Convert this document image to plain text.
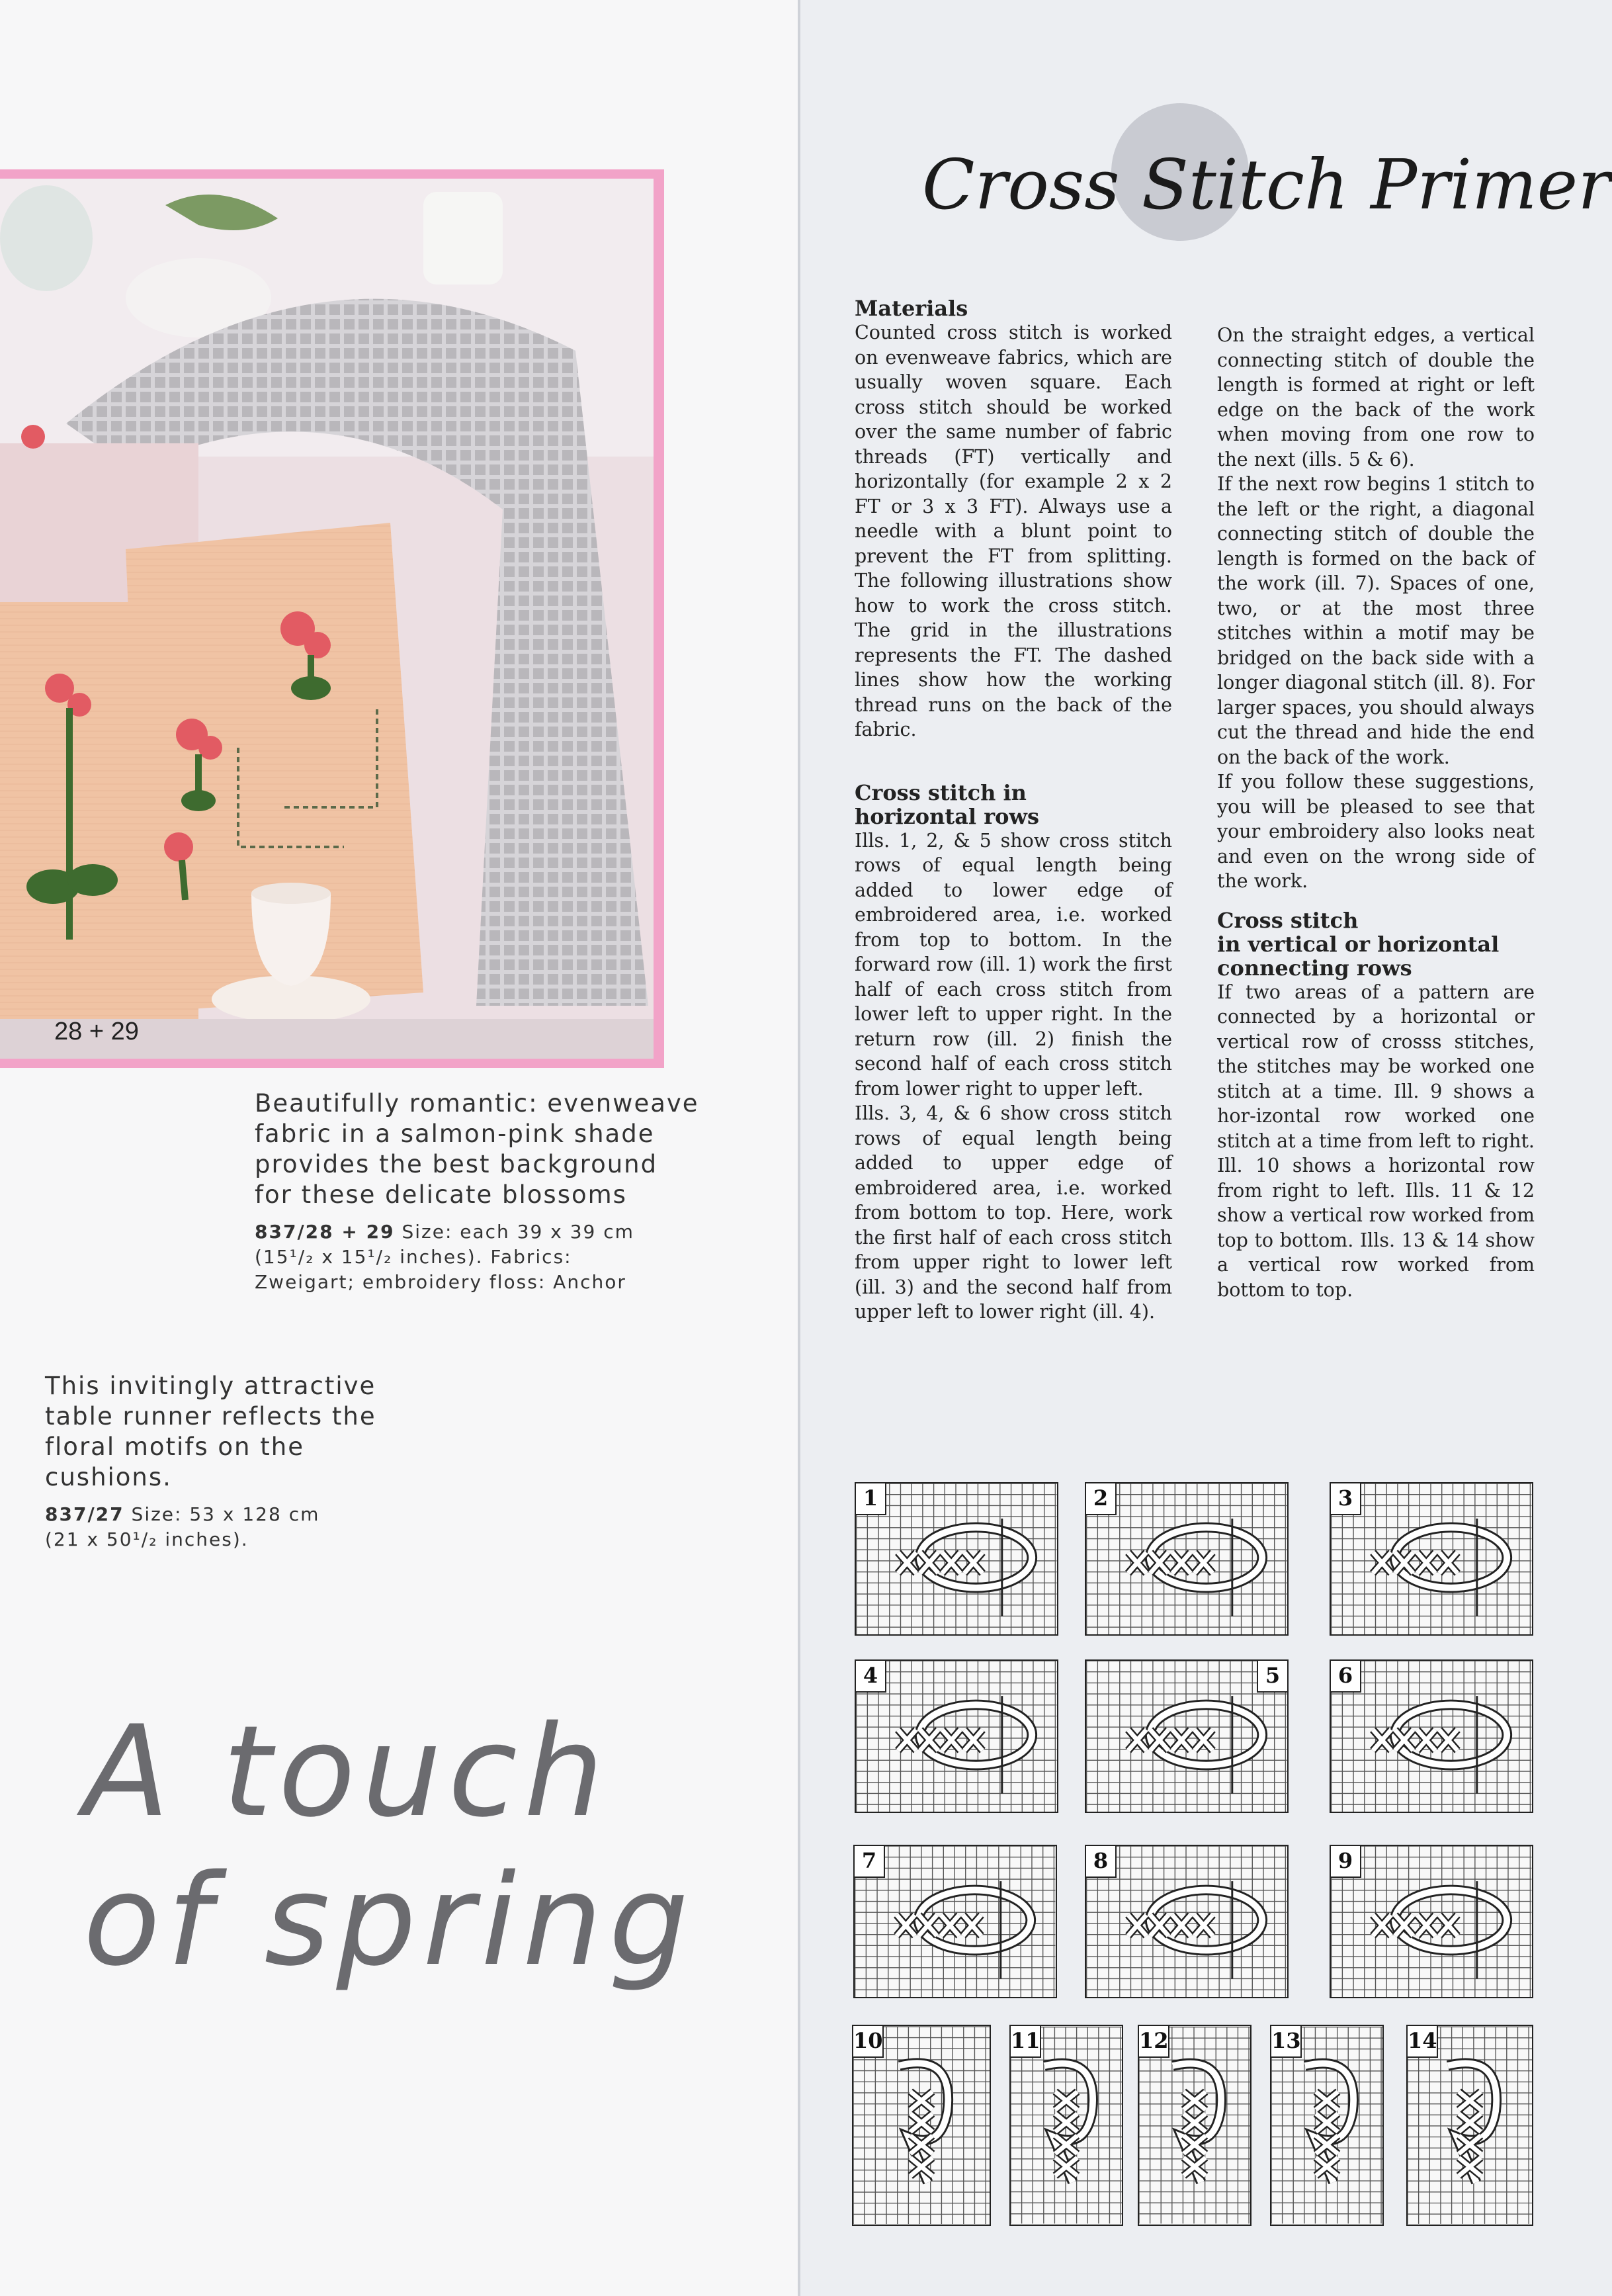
28 + 29
Beautifully romantic: evenweave
fabric in a salmon-pink shade
provides the best background
for these delicate blossoms
837/28 + 29 Size: each 39 x 39 cm
(15¹/₂ x 15¹/₂ inches). Fabrics:
Zweigart; embroidery floss: Anchor
This invitingly attractive
table runner reflects the
floral motifs on the
cushions.
837/27 Size: 53 x 128 cm
(21 x 50¹/₂ inches).
A touch
of spring
Cross Stitch Primer
Materials

Counted cross stitch is worked on evenweave fabrics, which are usually woven square. Each cross stitch should be worked over the same number of fabric threads (FT) vertically and horizontally (for example 2 x 2 FT or 3 x 3 FT). Always use a needle with a blunt point to prevent the FT from splitting. The following illustrations show how to work the cross stitch. The grid in the illustrations represents the FT. The dashed lines show how the working thread runs on the back of the fabric.

Cross stitch in
horizontal rows

Ills. 1, 2, & 5 show cross stitch rows of equal length being added to lower edge of embroidered area, i.e. worked from top to bottom. In the forward row (ill. 1) work the first half of each cross stitch from lower left to upper right. In the return row (ill. 2) finish the second half of each cross stitch from lower right to upper left.

Ills. 3, 4, & 6 show cross stitch rows of equal length being added to upper edge of embroidered area, i.e. worked from bottom to top. Here, work the first half of each cross stitch from upper right to lower left (ill. 3) and the second half from upper left to lower right (ill. 4).

On the straight edges, a vertical connecting stitch of double the length is formed at right or left edge on the back of the work when moving from one row to the next (ills. 5 & 6).

If the next row begins 1 stitch to the left or the right, a diagonal connecting stitch of double the length is formed on the back of the work (ill. 7). Spaces of one, two, or at the most three stitches within a motif may be bridged on the back side with a longer diagonal stitch (ill. 8). For larger spaces, you should always cut the thread and hide the end on the back of the work.

If you follow these suggestions, you will be pleased to see that your embroidery also looks neat and even on the wrong side of the work.

Cross stitch
in vertical or horizontal
connecting rows

If two areas of a pattern are connected by a horizontal or vertical row of crosss stitches, the stitches may be worked one stitch at a time. Ill. 9 shows a hor-izontal row worked one stitch at a time from left to right. Ill. 10 shows a horizontal row from right to left. Ills. 11 & 12 show a vertical row worked from top to bottom. Ills. 13 & 14 show a vertical row worked from bottom to top.

1	2	3
4	5	6
7	8	9
10	11	12	13	14
